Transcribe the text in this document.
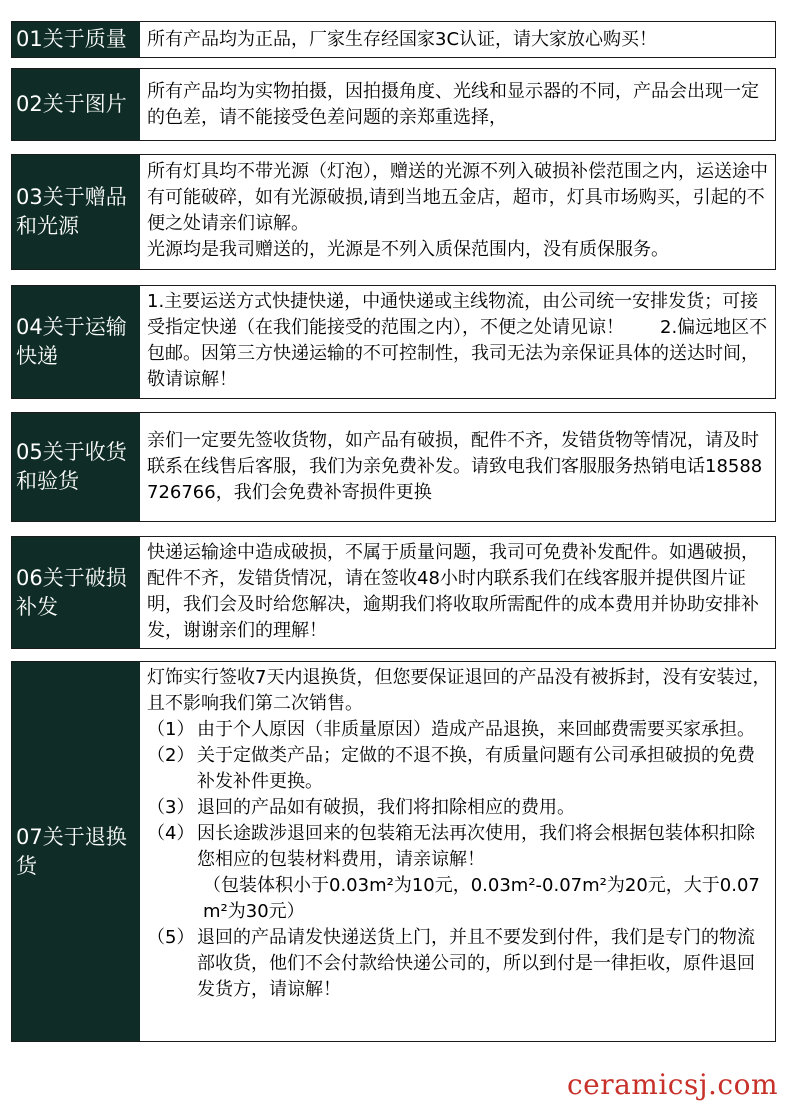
01关于质量	所有产品均为正品，厂家生存经国家3C认证，请大家放心购买！

02关于图片

所有产品均为实物拍摄，因拍摄角度、光线和显示器的不同，产品会出现一定的色差，请不能接受色差问题的亲郑重选择，

03关于赠品
和光源

所有灯具均不带光源（灯泡），赠送的光源不列入破损补偿范围之内，运送途中有可能破碎，如有光源破损,请到当地五金店，超市，灯具市场购买，引起的不便之处请亲们谅解。

光源均是我司赠送的，光源是不列入质保范围内，没有质保服务。

04关于运输
快递

1.主要运送方式快捷快递，中通快递或主线物流，由公司统一安排发货；可接受指定快递（在我们能接受的范围之内），不便之处请见谅！　　2.偏远地区不包邮。因第三方快递运输的不可控制性，我司无法为亲保证具体的送达时间，敬请谅解！

05关于收货
和验货

亲们一定要先签收货物，如产品有破损，配件不齐，发错货物等情况，请及时联系在线售后客服，我们为亲免费补发。请致电我们客服服务热销电话18588726766，我们会免费补寄损件更换

06关于破损
补发

快递运输途中造成破损，不属于质量问题，我司可免费补发配件。如遇破损，配件不齐，发错货情况，请在签收48小时内联系我们在线客服并提供图片证明，我们会及时给您解决，逾期我们将收取所需配件的成本费用并协助安排补发，谢谢亲们的理解！

07关于退换
货

灯饰实行签收7天内退换货，但您要保证退回的产品没有被拆封，没有安装过，且不影响我们第二次销售。

（1） 由于个人原因（非质量原因）造成产品退换，来回邮费需要买家承担。
（2） 关于定做类产品；定做的不退不换，有质量问题有公司承担破损的免费补发补件更换。
（3） 退回的产品如有破损，我们将扣除相应的费用。
（4） 因长途跋涉退回来的包装箱无法再次使用，我们将会根据包装体积扣除您相应的包装材料费用，请亲谅解！
（包装体积小于0.03m²为10元，0.03m²-0.07m²为20元，大于0.07m²为30元）
（5） 退回的产品请发快递送货上门，并且不要发到付件，我们是专门的物流部收货，他们不会付款给快递公司的，所以到付是一律拒收，原件退回发货方，请谅解！
ceramicsj.com
